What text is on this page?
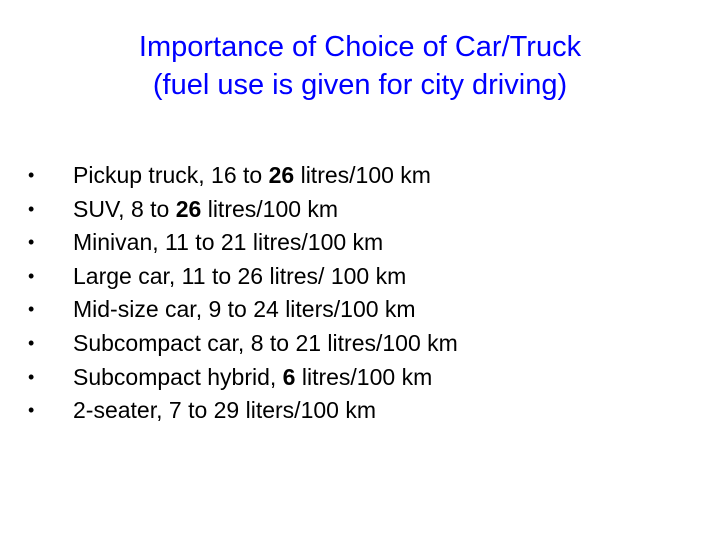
Importance of Choice of Car/Truck
(fuel use is given for city driving)
•	Pickup truck, 16 to 26 litres/100 km
•	SUV, 8 to 26 litres/100 km
•	Minivan, 11 to 21 litres/100 km
•	Large car, 11 to 26 litres/ 100 km
•	Mid-size car, 9 to 24 liters/100 km
•	Subcompact car, 8 to 21 litres/100 km
•	Subcompact hybrid, 6 litres/100 km
•	2-seater, 7 to 29 liters/100 km
